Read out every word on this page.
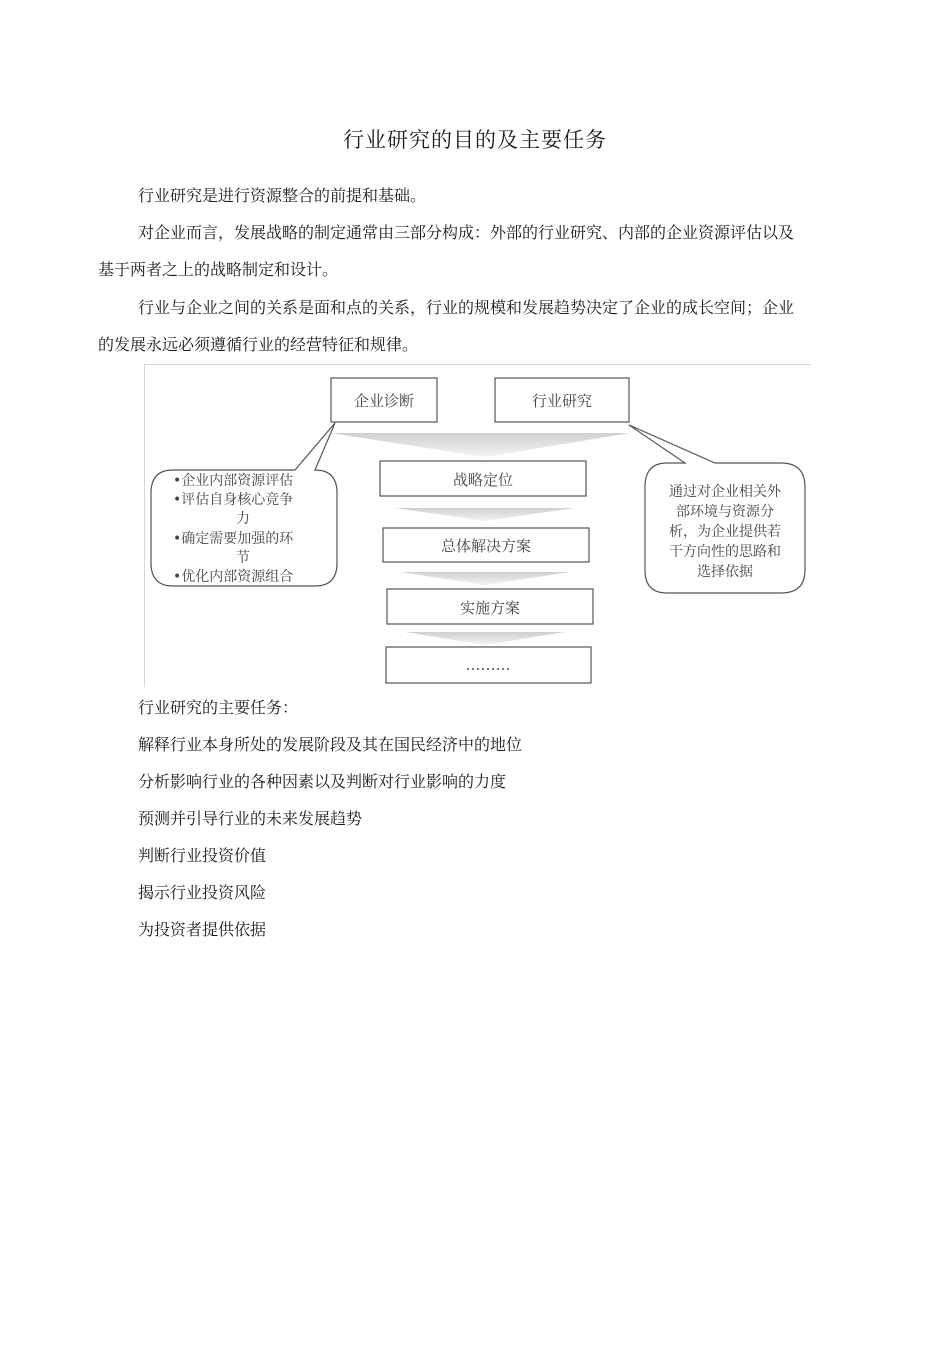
行业研究的目的及主要任务

行业研究是进行资源整合的前提和基础。

对企业而言，发展战略的制定通常由三部分构成：外部的行业研究、内部的企业资源评估以及基于两者之上的战略制定和设计。

行业与企业之间的关系是面和点的关系，行业的规模和发展趋势决定了企业的成长空间；企业的发展永远必须遵循行业的经营特征和规律。

企业诊断	行业研究
战略定位
总体解决方案
实施方案
………
•企业内部资源评估
•评估自身核心竞争
力
•确定需要加强的环
节
•优化内部资源组合
通过对企业相关外
部环境与资源分
析，为企业提供若
干方向性的思路和
选择依据

行业研究的主要任务：

解释行业本身所处的发展阶段及其在国民经济中的地位

分析影响行业的各种因素以及判断对行业影响的力度

预测并引导行业的未来发展趋势

判断行业投资价值

揭示行业投资风险

为投资者提供依据
